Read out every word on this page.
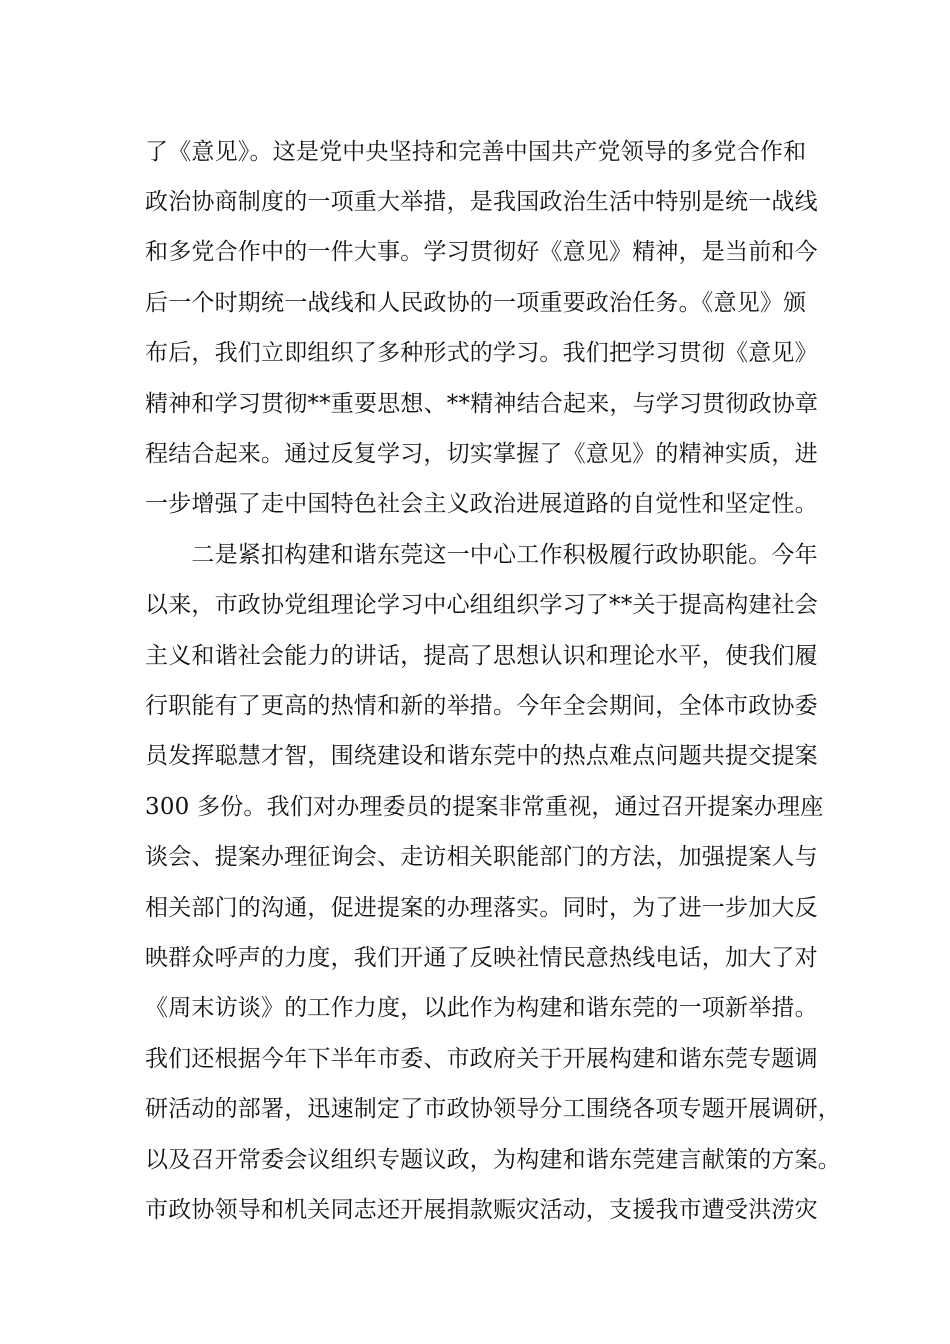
了《意见》。这是党中央坚持和完善中国共产党领导的多党合作和

政治协商制度的一项重大举措，是我国政治生活中特别是统一战线

和多党合作中的一件大事。学习贯彻好《意见》精神，是当前和今

后一个时期统一战线和人民政协的一项重要政治任务。《意见》颁

布后，我们立即组织了多种形式的学习。我们把学习贯彻《意见》

精神和学习贯彻**重要思想、**精神结合起来，与学习贯彻政协章

程结合起来。通过反复学习，切实掌握了《意见》的精神实质，进

一步增强了走中国特色社会主义政治进展道路的自觉性和坚定性。

　　二是紧扣构建和谐东莞这一中心工作积极履行政协职能。今年

以来，市政协党组理论学习中心组组织学习了**关于提高构建社会

主义和谐社会能力的讲话，提高了思想认识和理论水平，使我们履

行职能有了更高的热情和新的举措。今年全会期间，全体市政协委

员发挥聪慧才智，围绕建设和谐东莞中的热点难点问题共提交提案

300 多份。我们对办理委员的提案非常重视，通过召开提案办理座

谈会、提案办理征询会、走访相关职能部门的方法，加强提案人与

相关部门的沟通，促进提案的办理落实。同时，为了进一步加大反

映群众呼声的力度，我们开通了反映社情民意热线电话，加大了对

《周末访谈》的工作力度，以此作为构建和谐东莞的一项新举措。

我们还根据今年下半年市委、市政府关于开展构建和谐东莞专题调

研活动的部署，迅速制定了市政协领导分工围绕各项专题开展调研，

以及召开常委会议组织专题议政，为构建和谐东莞建言献策的方案。

市政协领导和机关同志还开展捐款赈灾活动，支援我市遭受洪涝灾
